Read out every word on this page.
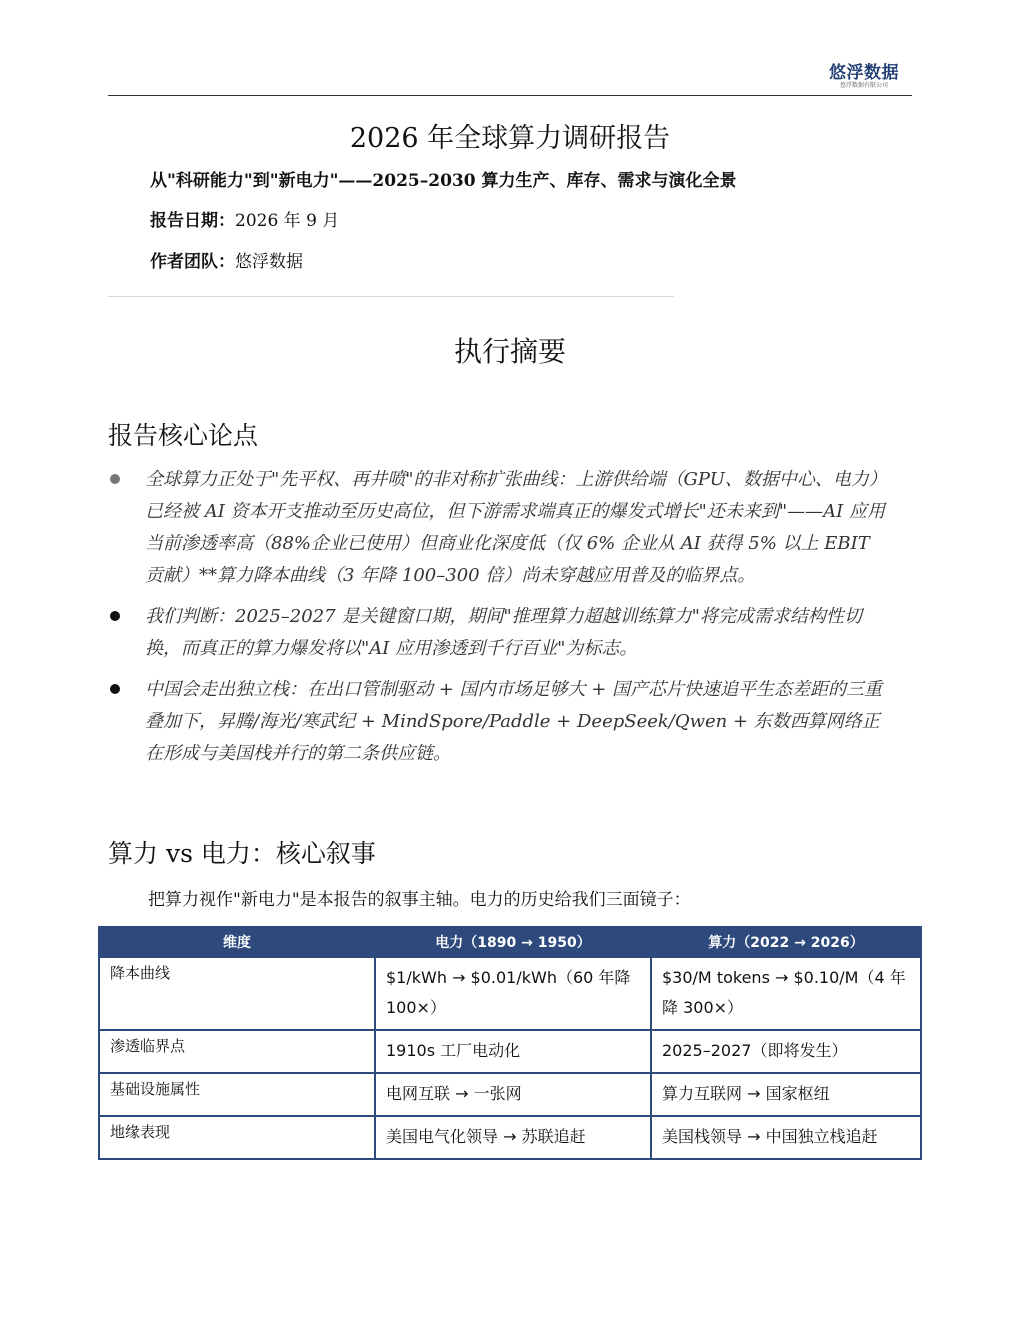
悠浮数据
悠浮数据有限公司
2026 年全球算力调研报告
从"科研能力"到"新电力"——2025–2030 算力生产、库存、需求与演化全景
报告日期：2026 年 9 月
作者团队：悠浮数据
执行摘要
报告核心论点
全球算力正处于"先平权、再井喷"的非对称扩张曲线：上游供给端（GPU、数据中心、电力）已经被 AI 资本开支推动至历史高位，但下游需求端真正的爆发式增长"还未来到"——AI 应用当前渗透率高（88%企业已使用）但商业化深度低（仅 6% 企业从 AI 获得 5% 以上 EBIT 贡献）**算力降本曲线（3 年降 100–300 倍）尚未穿越应用普及的临界点。
我们判断：2025–2027 是关键窗口期，期间"推理算力超越训练算力"将完成需求结构性切换，而真正的算力爆发将以"AI 应用渗透到千行百业"为标志。
中国会走出独立栈：在出口管制驱动 + 国内市场足够大 + 国产芯片快速追平生态差距的三重叠加下，昇腾/海光/寒武纪 + MindSpore/Paddle + DeepSeek/Qwen + 东数西算网络正在形成与美国栈并行的第二条供应链。
算力 vs 电力：核心叙事
把算力视作"新电力"是本报告的叙事主轴。电力的历史给我们三面镜子：
维度	电力（1890 → 1950）	算力（2022 → 2026）
降本曲线	$1/kWh → $0.01/kWh（60 年降 100×）	$30/M tokens → $0.10/M（4 年降 300×）
渗透临界点	1910s 工厂电动化	2025–2027（即将发生）
基础设施属性	电网互联 → 一张网	算力互联网 → 国家枢纽
地缘表现	美国电气化领导 → 苏联追赶	美国栈领导 → 中国独立栈追赶
